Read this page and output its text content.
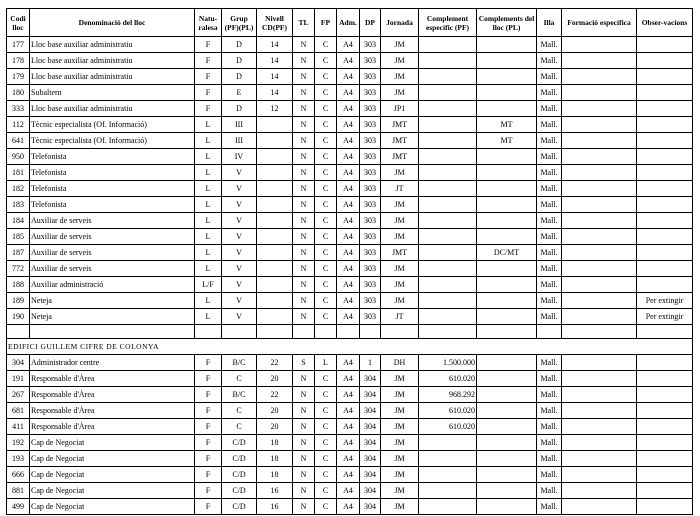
Codi lloc	Denominació del lloc	Natu-ralesa	Grup (PF)(PL)	Nivell CD(PF)	TL	FP	Adm.	DP	Jornada	Complement específic (PF)	Complements del lloc (PL)	Illa	Formació específica	Obser-vacions
177	Lloc base auxiliar administratiu	F	D	14	N	C	A4	303	JM			Mall.		
178	Lloc base auxiliar administratiu	F	D	14	N	C	A4	303	JM			Mall.		
179	Lloc base auxiliar administratiu	F	D	14	N	C	A4	303	JM			Mall.		
180	Subaltern	F	E	14	N	C	A4	303	JM			Mall.		
333	Lloc base auxiliar administratiu	F	D	12	N	C	A4	303	JP1			Mall.		
112	Tècnic especialista (Of. Informació)	L	III		N	C	A4	303	JMT		MT	Mall.		
641	Tècnic especialista (Of. Informació)	L	III		N	C	A4	303	JMT		MT	Mall.		
950	Telefonista	L	IV		N	C	A4	303	JMT			Mall.		
181	Telefonista	L	V		N	C	A4	303	JM			Mall.		
182	Telefonista	L	V		N	C	A4	303	JT			Mall.		
183	Telefonista	L	V		N	C	A4	303	JM			Mall.		
184	Auxiliar de serveis	L	V		N	C	A4	303	JM			Mall.		
185	Auxiliar de serveis	L	V		N	C	A4	303	JM			Mall.		
187	Auxiliar de serveis	L	V		N	C	A4	303	JMT		DC/MT	Mall.		
772	Auxiliar de serveis	L	V		N	C	A4	303	JM			Mall.		
188	Auxiliar administració	L/F	V		N	C	A4	303	JM			Mall.		
189	Neteja	L	V		N	C	A4	303	JM			Mall.		Per extingir
190	Neteja	L	V		N	C	A4	303	JT			Mall.		Per extingir

EDIFICI GUILLEM CIFRE DE COLONYA														
304	Administrador centre	F	B/C	22	S	L	A4	1	DH	1.500.000		Mall.		
191	Responsable d'Àrea	F	C	20	N	C	A4	304	JM	610.020		Mall.		
267	Responsable d'Àrea	F	B/C	22	N	C	A4	304	JM	968.292		Mall.		
681	Responsable d'Àrea	F	C	20	N	C	A4	304	JM	610.020		Mall.		
411	Responsable d'Àrea	F	C	20	N	C	A4	304	JM	610.020		Mall.		
192	Cap de Negociat	F	C/D	18	N	C	A4	304	JM			Mall.		
193	Cap de Negociat	F	C/D	18	N	C	A4	304	JM			Mall.		
666	Cap de Negociat	F	C/D	18	N	C	A4	304	JM			Mall.		
881	Cap de Negociat	F	C/D	16	N	C	A4	304	JM			Mall.		
499	Cap de Negociat	F	C/D	16	N	C	A4	304	JM			Mall.		
